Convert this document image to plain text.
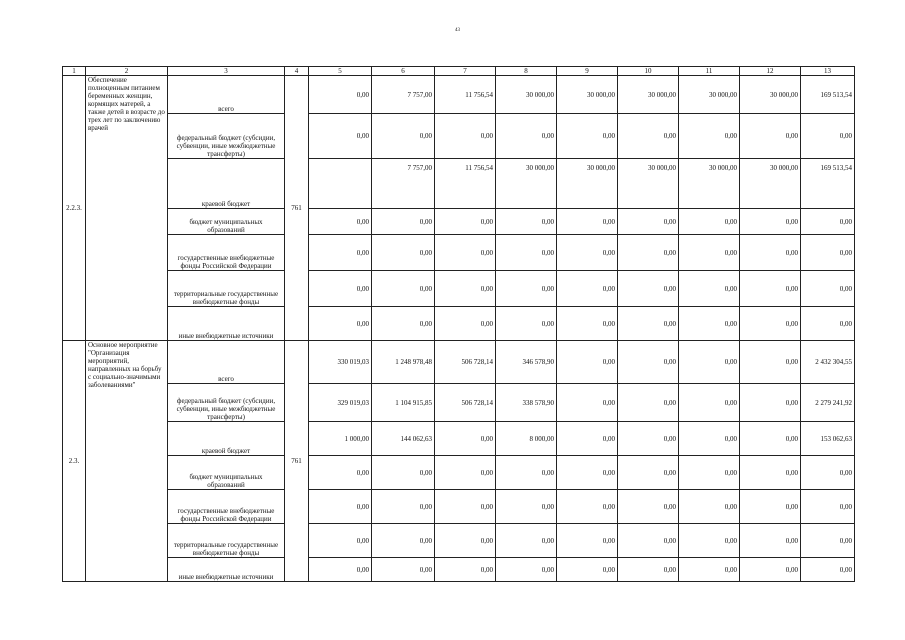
43
1	2	3	4	5	6	7	8	9	10	11	12	13
2.2.3.	Обеспечение полноценным питанием беременных женщин, кормящих матерей, а также детей в возрасте до трех лет по заключению врачей	всего	761	0,00	7 757,00	11 756,54	30 000,00	30 000,00	30 000,00	30 000,00	30 000,00	169 513,54
		федеральный бюджет (субсидии, субвенции, иные межбюджетные трансферты)		0,00	0,00	0,00	0,00	0,00	0,00	0,00	0,00	0,00
		краевой бюджет			7 757,00	11 756,54	30 000,00	30 000,00	30 000,00	30 000,00	30 000,00	169 513,54
		бюджет муниципальных образований		0,00	0,00	0,00	0,00	0,00	0,00	0,00	0,00	0,00
		государственные внебюджетные фонды Российской Федерации		0,00	0,00	0,00	0,00	0,00	0,00	0,00	0,00	0,00
		территориальные государственные внебюджетные фонды		0,00	0,00	0,00	0,00	0,00	0,00	0,00	0,00	0,00
		иные внебюджетные источники		0,00	0,00	0,00	0,00	0,00	0,00	0,00	0,00	0,00
2.3.	Основное мероприятие "Организация мероприятий, направленных на борьбу с социально-значимыми заболеваниями"	всего	761	330 019,03	1 248 978,48	506 728,14	346 578,90	0,00	0,00	0,00	0,00	2 432 304,55
		федеральный бюджет (субсидии, субвенции, иные межбюджетные трансферты)		329 019,03	1 104 915,85	506 728,14	338 578,90	0,00	0,00	0,00	0,00	2 279 241,92
		краевой бюджет		1 000,00	144 062,63	0,00	8 000,00	0,00	0,00	0,00	0,00	153 062,63
		бюджет муниципальных образований		0,00	0,00	0,00	0,00	0,00	0,00	0,00	0,00	0,00
		государственные внебюджетные фонды Российской Федерации		0,00	0,00	0,00	0,00	0,00	0,00	0,00	0,00	0,00
		территориальные государственные внебюджетные фонды		0,00	0,00	0,00	0,00	0,00	0,00	0,00	0,00	0,00
		иные внебюджетные источники		0,00	0,00	0,00	0,00	0,00	0,00	0,00	0,00	0,00
